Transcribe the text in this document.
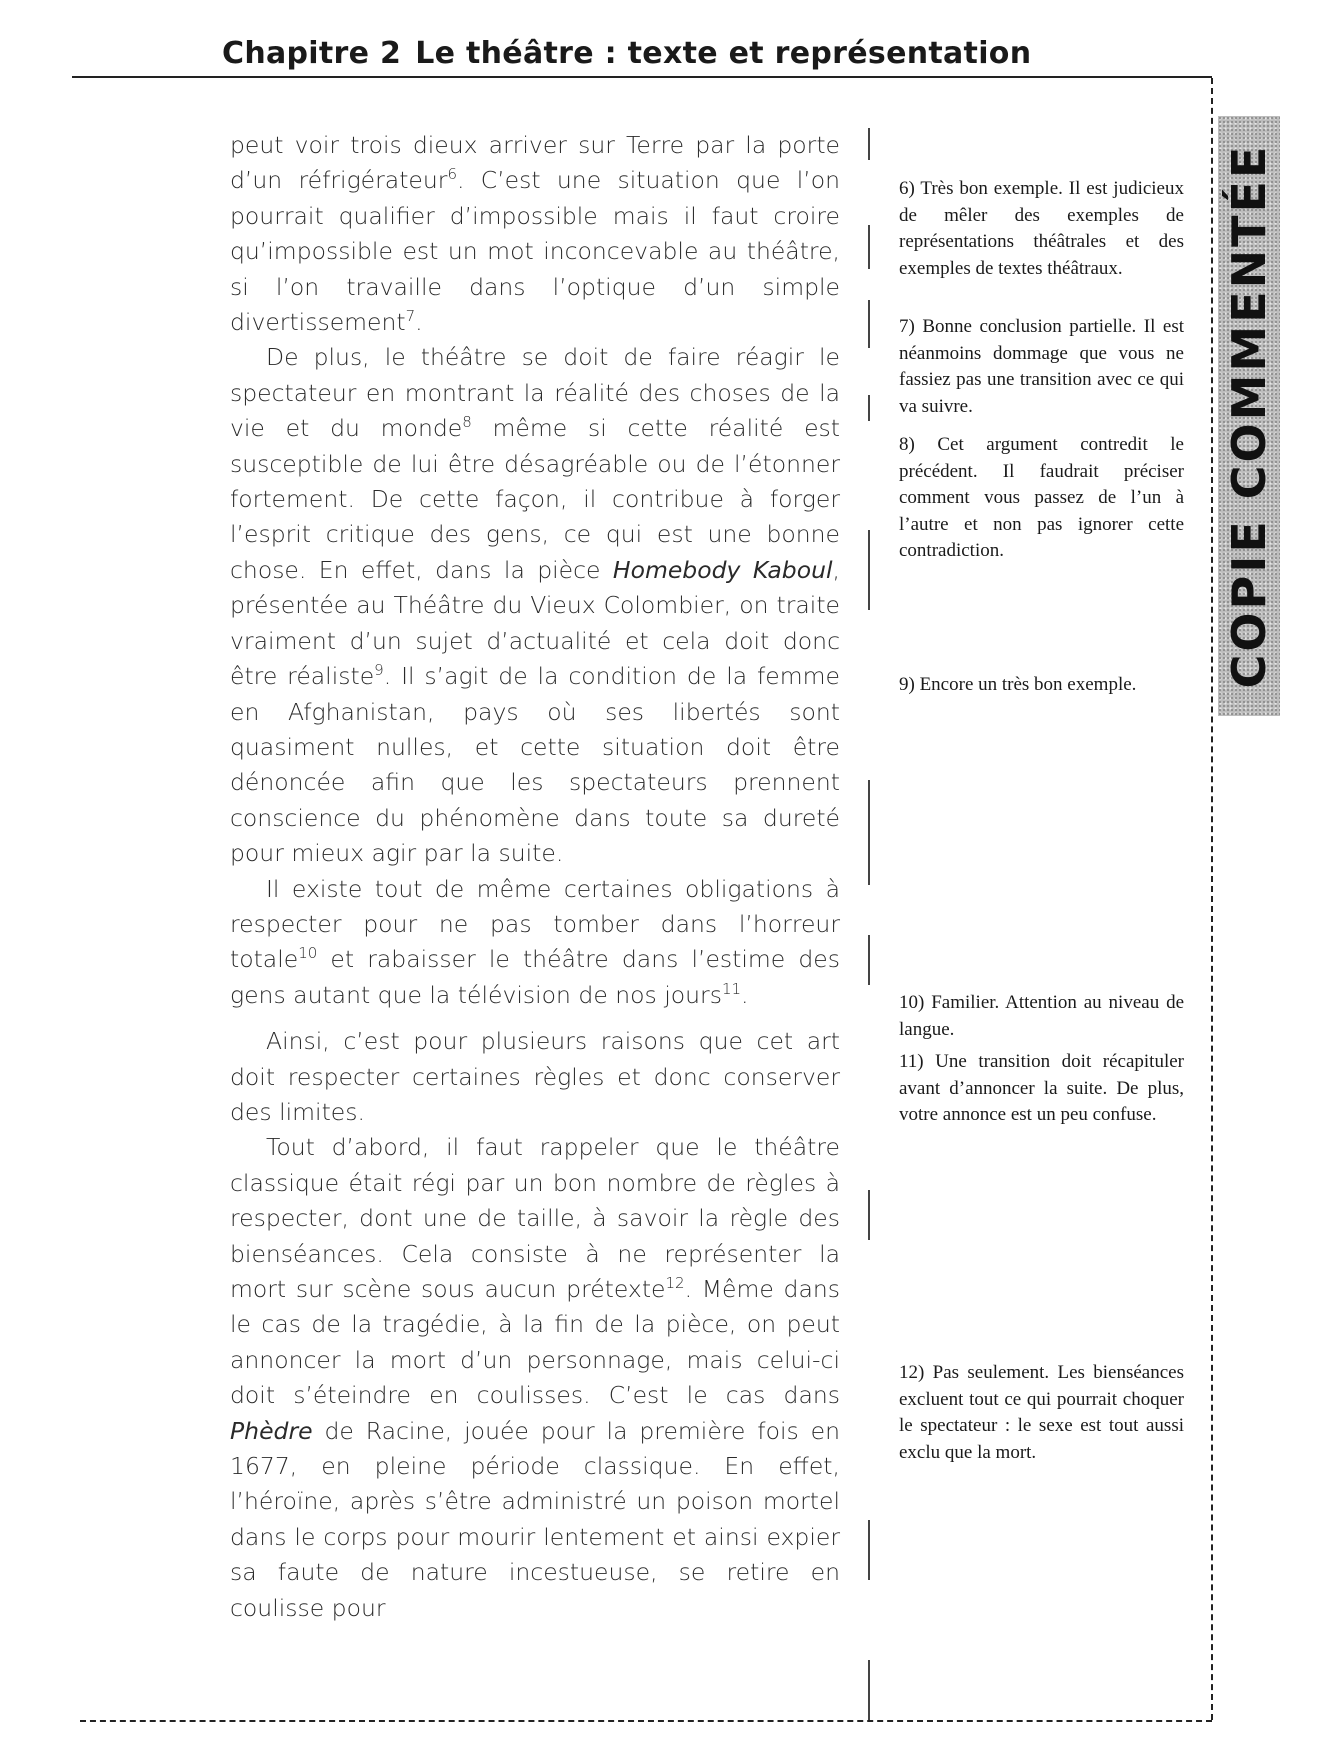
Chapitre 2 Le théâtre : texte et représentation

peut voir trois dieux arriver sur Terre par la porte d’un réfrigérateur$^6$. C’est une situation que l’on pourrait qualifier d’impossible mais il faut croire qu’impossible est un mot inconcevable au théâtre, si l’on travaille dans l’optique d’un simple divertissement$^7$.

De plus, le théâtre se doit de faire réagir le spectateur en montrant la réalité des choses de la vie et du monde$^8$ même si cette réalité est susceptible de lui être désagréable ou de l’étonner fortement. De cette façon, il contribue à forger l’esprit critique des gens, ce qui est une bonne chose. En effet, dans la pièce Homebody Kaboul, présentée au Théâtre du Vieux Colombier, on traite vraiment d’un sujet d’actualité et cela doit donc être réaliste$^9$. Il s’agit de la condition de la femme en Afghanistan, pays où ses libertés sont quasiment nulles, et cette situation doit être dénoncée afin que les spectateurs prennent conscience du phénomène dans toute sa dureté pour mieux agir par la suite.

Il existe tout de même certaines obligations à respecter pour ne pas tomber dans l’horreur totale$^{10}$ et rabaisser le théâtre dans l’estime des gens autant que la télévision de nos jours$^{11}$.

Ainsi, c’est pour plusieurs raisons que cet art doit respecter certaines règles et donc conserver des limites.

Tout d’abord, il faut rappeler que le théâtre classique était régi par un bon nombre de règles à respecter, dont une de taille, à savoir la règle des bienséances. Cela consiste à ne représenter la mort sur scène sous aucun prétexte$^{12}$. Même dans le cas de la tragédie, à la fin de la pièce, on peut annoncer la mort d’un personnage, mais celui-ci doit s’éteindre en coulisses. C’est le cas dans Phèdre de Racine, jouée pour la première fois en 1677, en pleine période classique. En effet, l’héroïne, après s’être administré un poison mortel dans le corps pour mourir lentement et ainsi expier sa faute de nature incestueuse, se retire en coulisse pour

6) Très bon exemple. Il est judicieux de mêler des exemples de représentations théâtrales et des exemples de textes théâtraux.

7) Bonne conclusion partielle. Il est néanmoins dommage que vous ne fassiez pas une transition avec ce qui va suivre.

8) Cet argument contredit le précédent. Il faudrait préciser comment vous passez de l’un à l’autre et non pas ignorer cette contradiction.

9) Encore un très bon exemple.

10) Familier. Attention au niveau de langue.

11) Une transition doit récapituler avant d’annoncer la suite. De plus, votre annonce est un peu confuse.

12) Pas seulement. Les bienséances excluent tout ce qui pourrait choquer le spectateur : le sexe est tout aussi exclu que la mort.

COPIE COMMENTÉE
